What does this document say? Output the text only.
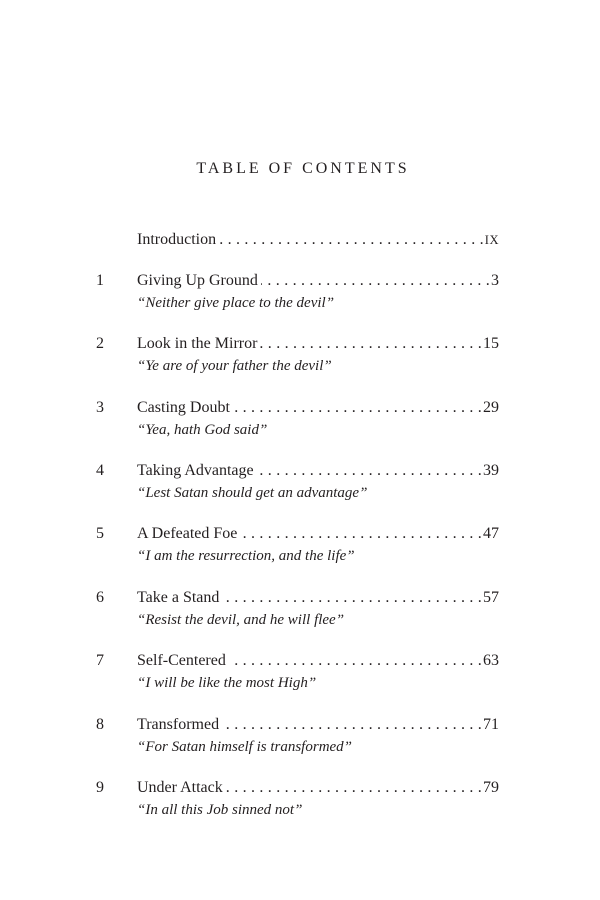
TABLE OF CONTENTS
Introduction . . .	IX
1 Giving Up Ground . . .	3
“Neither give place to the devil”
2 Look in the Mirror . . .	15
“Ye are of your father the devil”
3 Casting Doubt . . .	29
“Yea, hath God said”
4 Taking Advantage . . .	39
“Lest Satan should get an advantage”
5 A Defeated Foe . . .	47
“I am the resurrection, and the life”
6 Take a Stand . . .	57
“Resist the devil, and he will flee”
7 Self-Centered . . .	63
“I will be like the most High”
8 Transformed . . .	71
“For Satan himself is transformed”
9 Under Attack . . .	79
“In all this Job sinned not”
